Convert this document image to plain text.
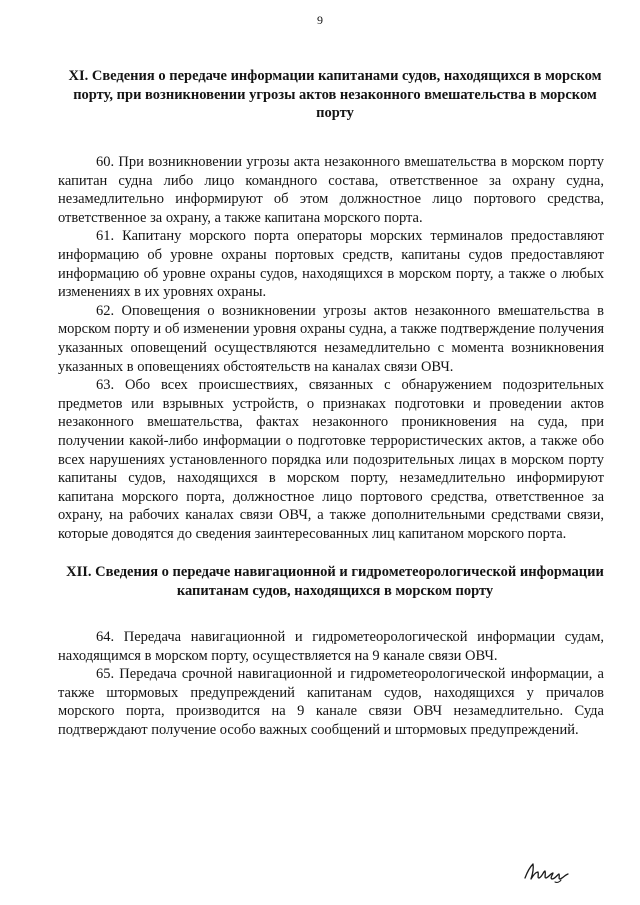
9
XI. Сведения о передаче информации капитанами судов, находящихся в морском порту, при возникновении угрозы актов незаконного вмешательства в морском порту

60. При возникновении угрозы акта незаконного вмешательства в морском порту капитан судна либо лицо командного состава, ответственное за охрану судна, незамедлительно информируют об этом должностное лицо портового средства, ответственное за охрану, а также капитана морского порта.

61. Капитану морского порта операторы морских терминалов предоставляют информацию об уровне охраны портовых средств, капитаны судов предоставляют информацию об уровне охраны судов, находящихся в морском порту, а также о любых изменениях в их уровнях охраны.

62. Оповещения о возникновении угрозы актов незаконного вмешательства в морском порту и об изменении уровня охраны судна, а также подтверждение получения указанных оповещений осуществляются незамедлительно с момента возникновения указанных в оповещениях обстоятельств на каналах связи ОВЧ.

63. Обо всех происшествиях, связанных с обнаружением подозрительных предметов или взрывных устройств, о признаках подготовки и проведении актов незаконного вмешательства, фактах незаконного проникновения на суда, при получении какой-либо информации о подготовке террористических актов, а также обо всех нарушениях установленного порядка или подозрительных лицах в морском порту капитаны судов, находящихся в морском порту, незамедлительно информируют капитана морского порта, должностное лицо портового средства, ответственное за охрану, на рабочих каналах связи ОВЧ, а также дополнительными средствами связи, которые доводятся до сведения заинтересованных лиц капитаном морского порта.

XII. Сведения о передаче навигационной и гидрометеорологической информации капитанам судов, находящихся в морском порту

64. Передача навигационной и гидрометеорологической информации судам, находящимся в морском порту, осуществляется на 9 канале связи ОВЧ.

65. Передача срочной навигационной и гидрометеорологической информации, а также штормовых предупреждений капитанам судов, находящихся у причалов морского порта, производится на 9 канале связи ОВЧ незамедлительно. Суда подтверждают получение особо важных сообщений и штормовых предупреждений.
